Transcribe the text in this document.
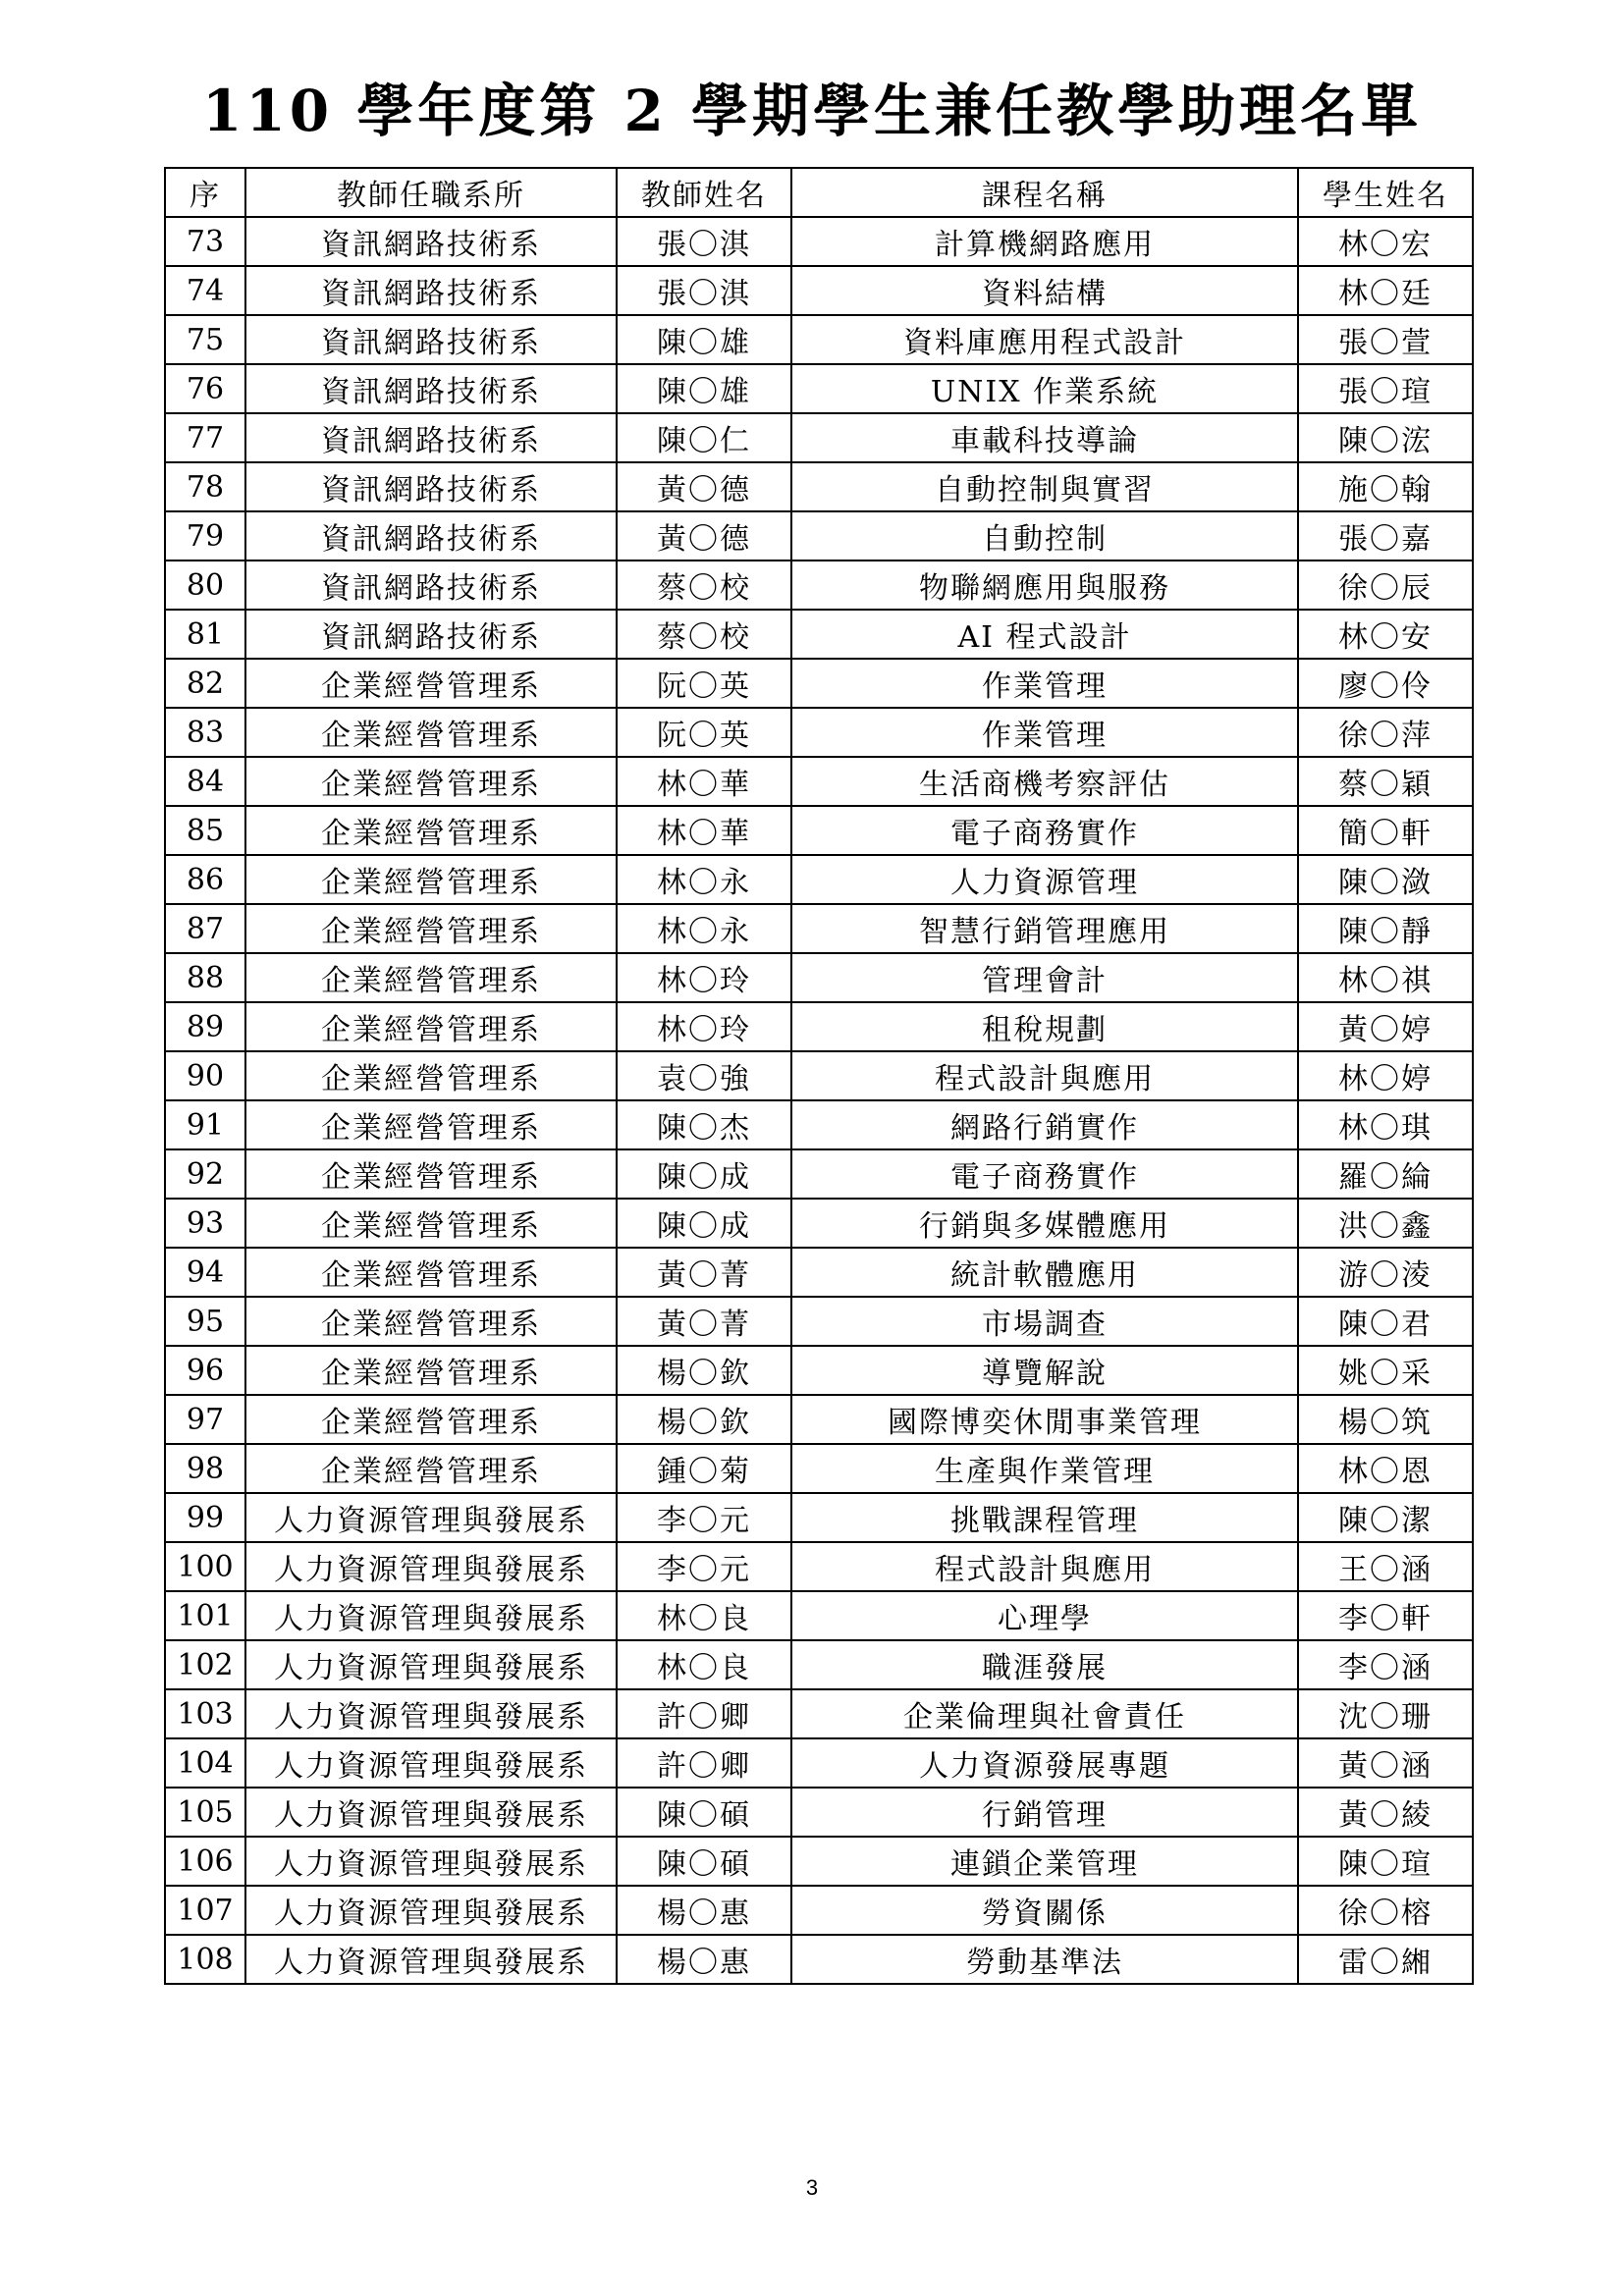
110 學年度第 2 學期學生兼任教學助理名單
序	教師任職系所	教師姓名	課程名稱	學生姓名
73	資訊網路技術系	張〇淇	計算機網路應用	林〇宏
74	資訊網路技術系	張〇淇	資料結構	林〇廷
75	資訊網路技術系	陳〇雄	資料庫應用程式設計	張〇萱
76	資訊網路技術系	陳〇雄	UNIX 作業系統	張〇瑄
77	資訊網路技術系	陳〇仁	車載科技導論	陳〇浤
78	資訊網路技術系	黃〇德	自動控制與實習	施〇翰
79	資訊網路技術系	黃〇德	自動控制	張〇嘉
80	資訊網路技術系	蔡〇校	物聯網應用與服務	徐〇辰
81	資訊網路技術系	蔡〇校	AI 程式設計	林〇安
82	企業經營管理系	阮〇英	作業管理	廖〇伶
83	企業經營管理系	阮〇英	作業管理	徐〇萍
84	企業經營管理系	林〇華	生活商機考察評估	蔡〇穎
85	企業經營管理系	林〇華	電子商務實作	簡〇軒
86	企業經營管理系	林〇永	人力資源管理	陳〇潋
87	企業經營管理系	林〇永	智慧行銷管理應用	陳〇靜
88	企業經營管理系	林〇玲	管理會計	林〇祺
89	企業經營管理系	林〇玲	租稅規劃	黃〇婷
90	企業經營管理系	袁〇強	程式設計與應用	林〇婷
91	企業經營管理系	陳〇杰	網路行銷實作	林〇琪
92	企業經營管理系	陳〇成	電子商務實作	羅〇綸
93	企業經營管理系	陳〇成	行銷與多媒體應用	洪〇鑫
94	企業經營管理系	黃〇菁	統計軟體應用	游〇淩
95	企業經營管理系	黃〇菁	市場調查	陳〇君
96	企業經營管理系	楊〇欽	導覽解說	姚〇采
97	企業經營管理系	楊〇欽	國際博奕休閒事業管理	楊〇筑
98	企業經營管理系	鍾〇菊	生產與作業管理	林〇恩
99	人力資源管理與發展系	李〇元	挑戰課程管理	陳〇潔
100	人力資源管理與發展系	李〇元	程式設計與應用	王〇涵
101	人力資源管理與發展系	林〇良	心理學	李〇軒
102	人力資源管理與發展系	林〇良	職涯發展	李〇涵
103	人力資源管理與發展系	許〇卿	企業倫理與社會責任	沈〇珊
104	人力資源管理與發展系	許〇卿	人力資源發展專題	黃〇涵
105	人力資源管理與發展系	陳〇碩	行銷管理	黃〇綾
106	人力資源管理與發展系	陳〇碩	連鎖企業管理	陳〇瑄
107	人力資源管理與發展系	楊〇惠	勞資關係	徐〇榕
108	人力資源管理與發展系	楊〇惠	勞動基準法	雷〇緗
3
